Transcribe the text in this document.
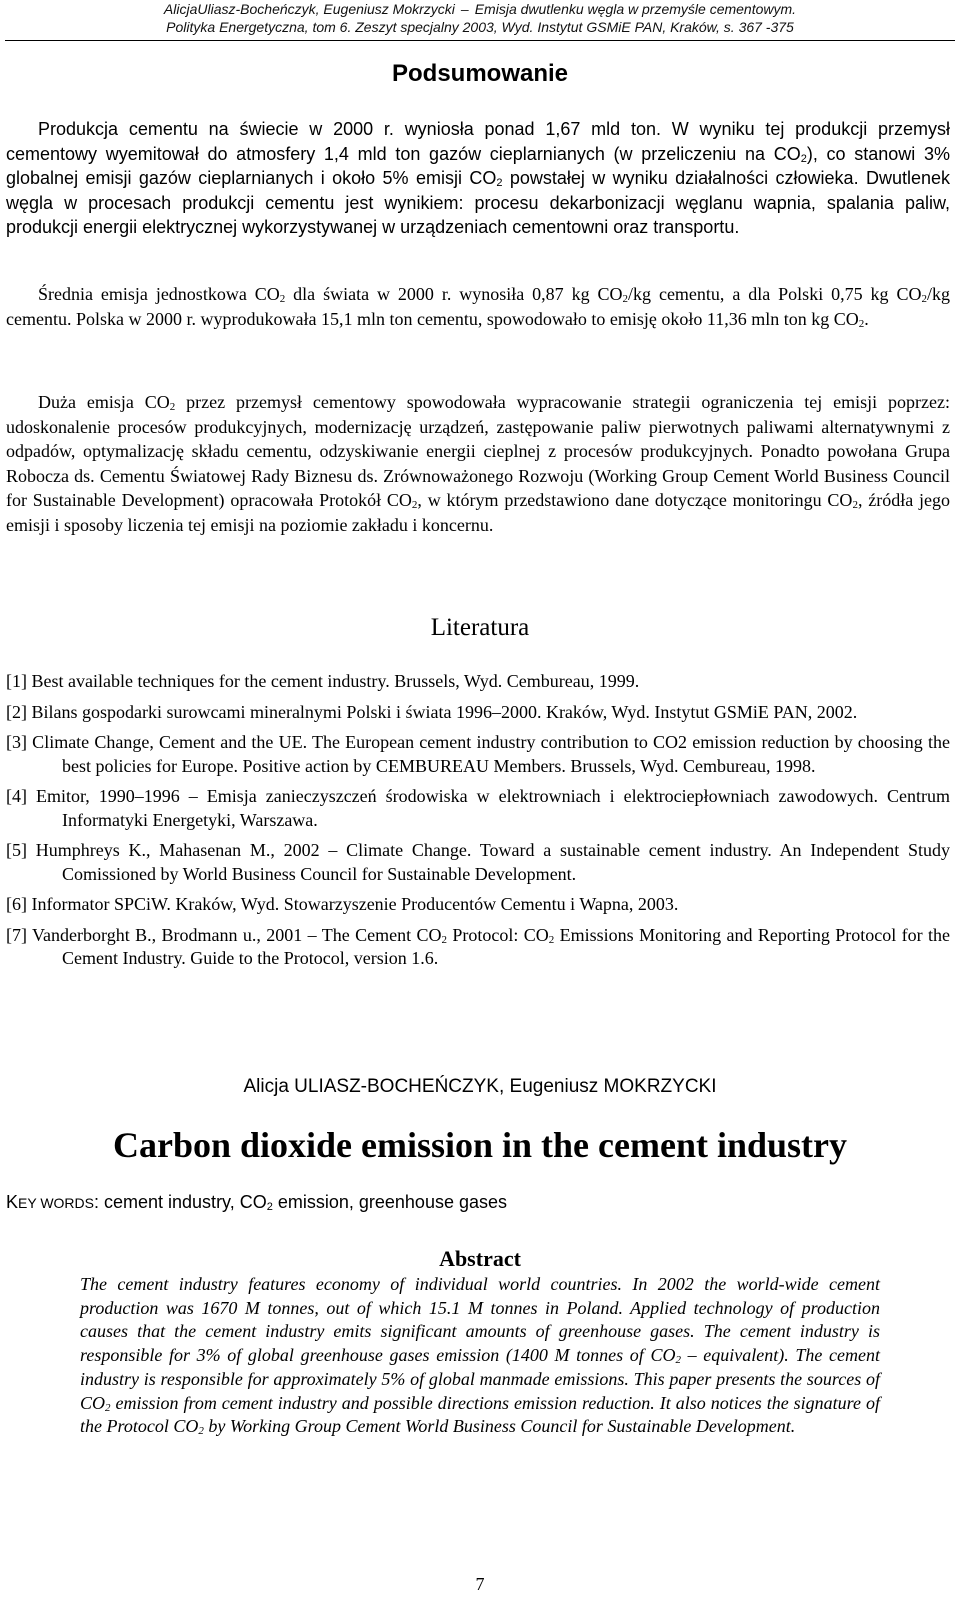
AlicjaUliasz-Bocheńczyk, Eugeniusz Mokrzycki – Emisja dwutlenku węgla w przemyśle cementowym.
Polityka Energetyczna, tom 6. Zeszyt specjalny 2003, Wyd. Instytut GSMiE PAN, Kraków, s. 367 -375
Podsumowanie

Produkcja cementu na świecie w 2000 r. wyniosła ponad 1,67 mld ton. W wyniku tej produkcji przemysł cementowy wyemitował do atmosfery 1,4 mld ton gazów cieplarnianych (w przeliczeniu na $CO_2$), co stanowi 3% globalnej emisji gazów cieplarnianych i około 5% emisji $CO_2$ powstałej w wyniku działalności człowieka. Dwutlenek węgla w procesach produkcji cementu jest wynikiem: procesu dekarbonizacji węglanu wapnia, spalania paliw, produkcji energii elektrycznej wykorzystywanej w urządzeniach cementowni oraz transportu.

Średnia emisja jednostkowa $CO_2$ dla świata w 2000 r. wynosiła 0,87 kg $CO_2/kg$ cementu, a dla Polski 0,75 kg $CO_2/kg$ cementu. Polska w 2000 r. wyprodukowała 15,1 mln ton cementu, spowodowało to emisję około 11,36 mln ton kg $CO_2$.

Duża emisja $CO_2$ przez przemysł cementowy spowodowała wypracowanie strategii ograniczenia tej emisji poprzez: udoskonalenie procesów produkcyjnych, modernizację urządzeń, zastępowanie paliw pierwotnych paliwami alternatywnymi z odpadów, optymalizację składu cementu, odzyskiwanie energii cieplnej z procesów produkcyjnych. Ponadto powołana Grupa Robocza ds. Cementu Światowej Rady Biznesu ds. Zrównoważonego Rozwoju (Working Group Cement World Business Council for Sustainable Development) opracowała Protokół $CO_2$, w którym przedstawiono dane dotyczące monitoringu $CO_2$, źródła jego emisji i sposoby liczenia tej emisji na poziomie zakładu i koncernu.

Literatura
[1] Best available techniques for the cement industry. Brussels, Wyd. Cembureau, 1999.
[2] Bilans gospodarki surowcami mineralnymi Polski i świata 1996–2000. Kraków, Wyd. Instytut GSMiE PAN, 2002.
[3] Climate Change, Cement and the UE. The European cement industry contribution to CO2 emission reduction by choosing the best policies for Europe. Positive action by CEMBUREAU Members. Brussels, Wyd. Cembureau, 1998.
[4] Emitor, 1990–1996 – Emisja zanieczyszczeń środowiska w elektrowniach i elektrociepłowniach zawodowych. Centrum Informatyki Energetyki, Warszawa.
[5] Humphreys K., Mahasenan M., 2002 – Climate Change. Toward a sustainable cement industry. An Independent Study Comissioned by World Business Council for Sustainable Development.
[6] Informator SPCiW. Kraków, Wyd. Stowarzyszenie Producentów Cementu i Wapna, 2003.
[7] Vanderborght B., Brodmann u., 2001 – The Cement $CO_2$ Protocol: $CO_2$ Emissions Monitoring and Reporting Protocol for the Cement Industry. Guide to the Protocol, version 1.6.
Alicja ULIASZ-BOCHEŃCZYK, Eugeniusz MOKRZYCKI
Carbon dioxide emission in the cement industry
KEY WORDS: cement industry, $CO_2$ emission, greenhouse gases
Abstract

The cement industry features economy of individual world countries. In 2002 the world-wide cement production was 1670 M tonnes, out of which 15.1 M tonnes in Poland. Applied technology of production causes that the cement industry emits significant amounts of greenhouse gases. The cement industry is responsible for 3% of global greenhouse gases emission (1400 M tonnes of $CO_2$ – equivalent). The cement industry is responsible for approximately 5% of global manmade emissions. This paper presents the sources of $CO_2$ emission from cement industry and possible directions emission reduction. It also notices the signature of the Protocol $CO_2$ by Working Group Cement World Business Council for Sustainable Development.

7
